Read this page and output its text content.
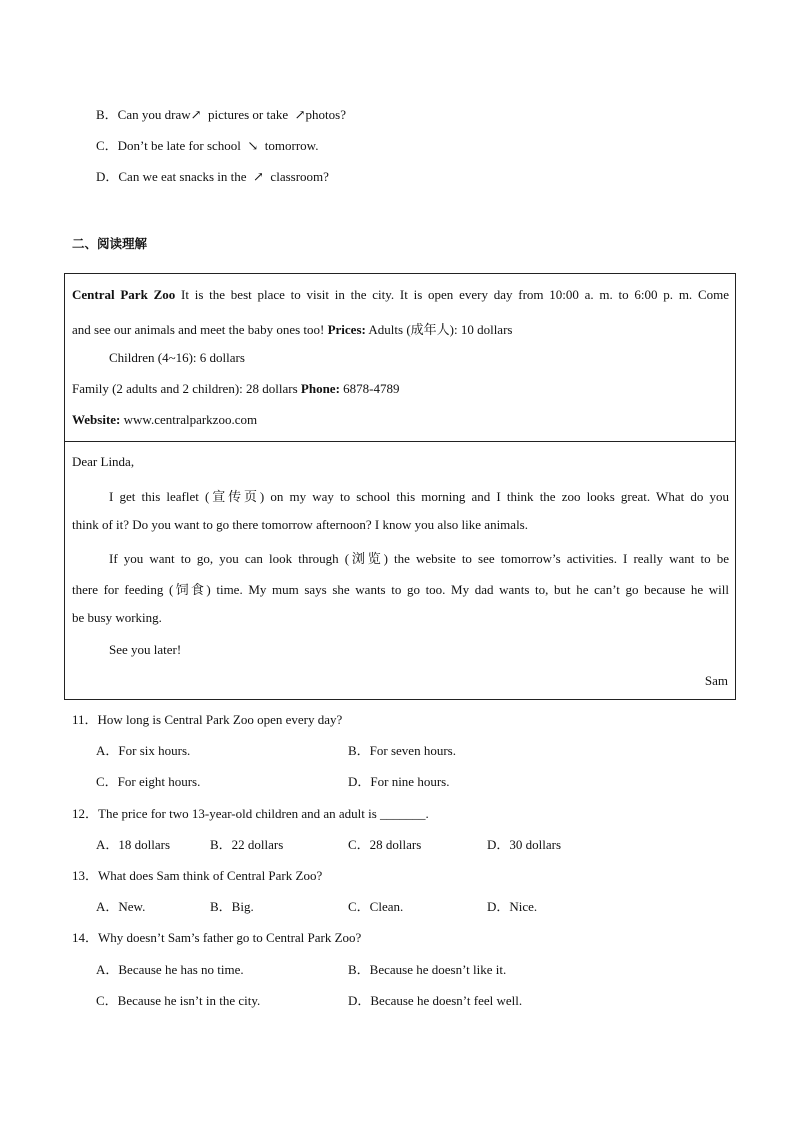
B．Can you draw↗  pictures or take  ↗photos?
C．Don’t be late for school  ↘  tomorrow.
D．Can we eat snacks in the  ↗  classroom?
二、阅读理解
Central Park Zoo It is the best place to visit in the city. It is open every day from 10:00 a. m. to 6:00 p. m. Come
and see our animals and meet the baby ones too! Prices: Adults (成年人): 10 dollars
Children (4~16): 6 dollars
Family (2 adults and 2 children): 28 dollars Phone: 6878-4789
Website: www.centralparkzoo.com
Dear Linda,
I get this leaflet (宣传页) on my way to school this morning and I think the zoo looks great. What do you
think of it? Do you want to go there tomorrow afternoon? I know you also like animals.
If you want to go, you can look through (浏览) the website to see tomorrow’s activities. I really want to be
there for feeding (饲食) time. My mum says she wants to go too. My dad wants to, but he can’t go because he will
be busy working.
See you later!
Sam
11．How long is Central Park Zoo open every day?
A．For six hours.	B．For seven hours.
C．For eight hours.	D．For nine hours.
12．The price for two 13-year-old children and an adult is _______.
A．18 dollars	B．22 dollars	C．28 dollars	D．30 dollars
13．What does Sam think of Central Park Zoo?
A．New.	B．Big.	C．Clean.	D．Nice.
14．Why doesn’t Sam’s father go to Central Park Zoo?
A．Because he has no time.	B．Because he doesn’t like it.
C．Because he isn’t in the city.	D．Because he doesn’t feel well.
